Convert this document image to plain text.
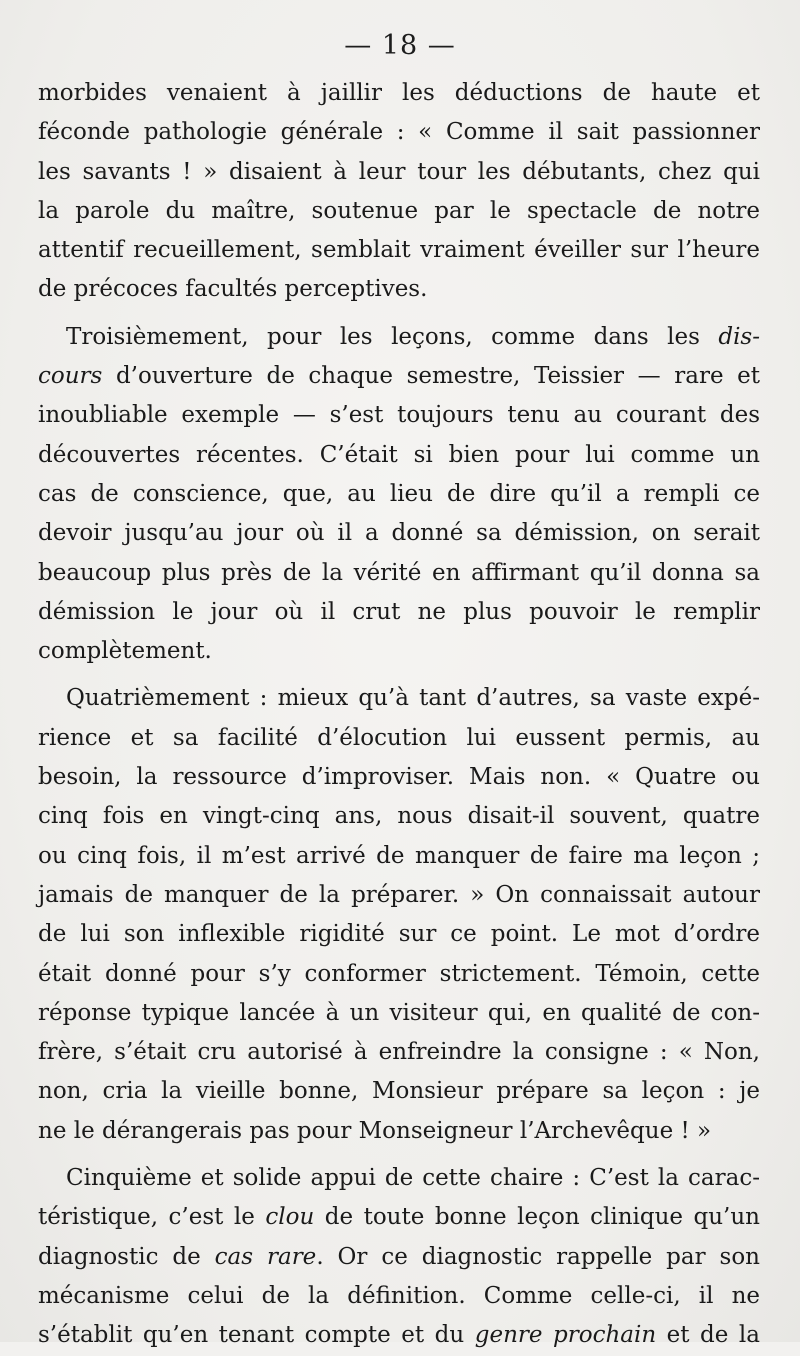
— 18 —
morbides venaient à jaillir les déductions de haute et
féconde pathologie générale : « Comme il sait passionner
les savants ! » disaient à leur tour les débutants, chez qui
la parole du maître, soutenue par le spectacle de notre
attentif recueillement, semblait vraiment éveiller sur l’heure
de précoces facultés perceptives.
Troisièmement, pour les leçons, comme dans les dis-
cours d’ouverture de chaque semestre, Teissier — rare et
inoubliable exemple — s’est toujours tenu au courant des
découvertes récentes. C’était si bien pour lui comme un
cas de conscience, que, au lieu de dire qu’il a rempli ce
devoir jusqu’au jour où il a donné sa démission, on serait
beaucoup plus près de la vérité en affirmant qu’il donna sa
démission le jour où il crut ne plus pouvoir le remplir
complètement.
Quatrièmement : mieux qu’à tant d’autres, sa vaste expé-
rience et sa facilité d’élocution lui eussent permis, au
besoin, la ressource d’improviser. Mais non. « Quatre ou
cinq fois en vingt-cinq ans, nous disait-il souvent, quatre
ou cinq fois, il m’est arrivé de manquer de faire ma leçon ;
jamais de manquer de la préparer. » On connaissait autour
de lui son inflexible rigidité sur ce point. Le mot d’ordre
était donné pour s’y conformer strictement. Témoin, cette
réponse typique lancée à un visiteur qui, en qualité de con-
frère, s’était cru autorisé à enfreindre la consigne : « Non,
non, cria la vieille bonne, Monsieur prépare sa leçon : je
ne le dérangerais pas pour Monseigneur l’Archevêque ! »
Cinquième et solide appui de cette chaire : C’est la carac-
téristique, c’est le clou de toute bonne leçon clinique qu’un
diagnostic de cas rare. Or ce diagnostic rappelle par son
mécanisme celui de la définition. Comme celle-ci, il ne
s’établit qu’en tenant compte et du genre prochain et de la
